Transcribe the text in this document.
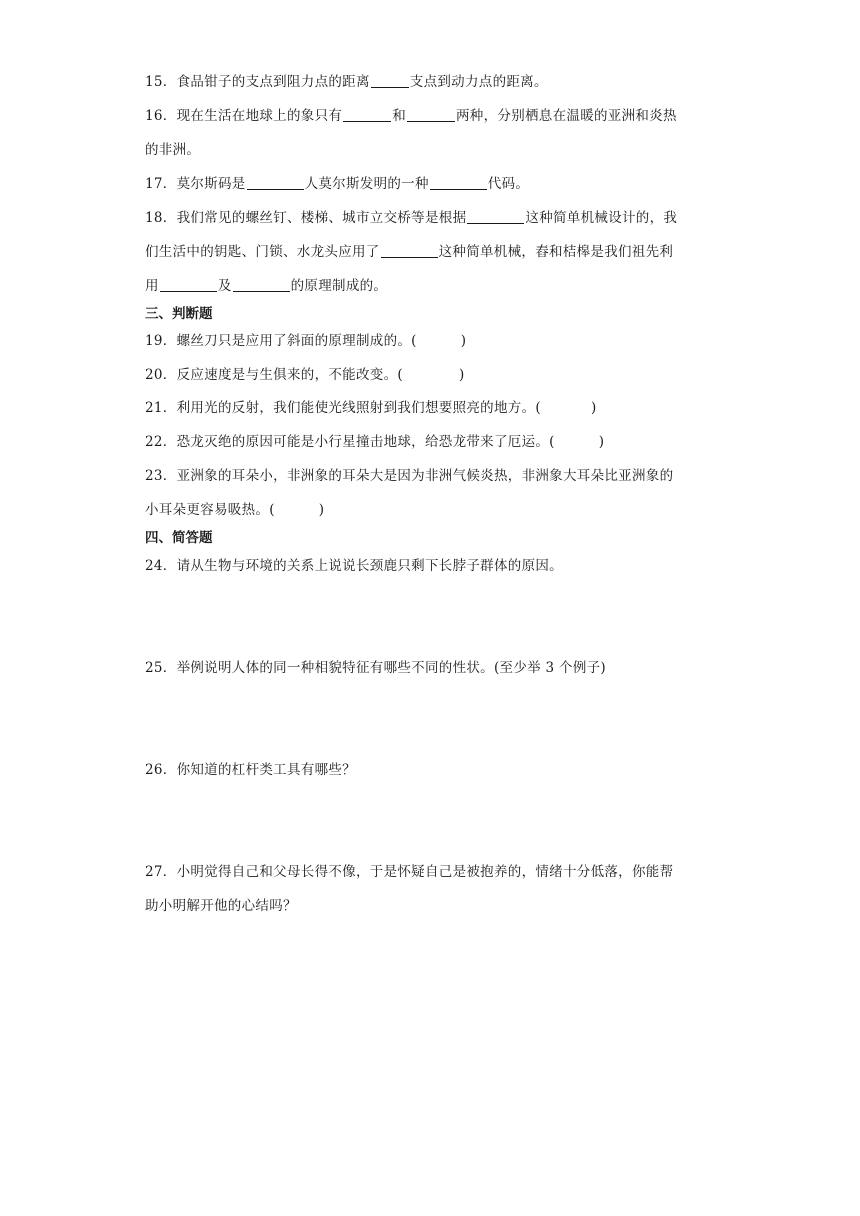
15．食品钳子的支点到阻力点的距离	支点到动力点的距离。
16．现在生活在地球上的象只有	和	两种，分别栖息在温暖的亚洲和炎热
的非洲。
17．莫尔斯码是	人莫尔斯发明的一种	代码。
18．我们常见的螺丝钉、楼梯、城市立交桥等是根据	这种简单机械设计的，我
们生活中的钥匙、门锁、水龙头应用了	这种简单机械，舂和桔槔是我们祖先利
用	及	的原理制成的。
三、判断题
19．螺丝刀只是应用了斜面的原理制成的。(	)
20．反应速度是与生俱来的，不能改变。(	)
21．利用光的反射，我们能使光线照射到我们想要照亮的地方。(	)
22．恐龙灭绝的原因可能是小行星撞击地球，给恐龙带来了厄运。(	)
23．亚洲象的耳朵小，非洲象的耳朵大是因为非洲气候炎热，非洲象大耳朵比亚洲象的
小耳朵更容易吸热。(	)
四、简答题
24．请从生物与环境的关系上说说长颈鹿只剩下长脖子群体的原因。
25．举例说明人体的同一种相貌特征有哪些不同的性状。(至少举 3 个例子)
26．你知道的杠杆类工具有哪些？
27．小明觉得自己和父母长得不像，于是怀疑自己是被抱养的，情绪十分低落，你能帮
助小明解开他的心结吗？
